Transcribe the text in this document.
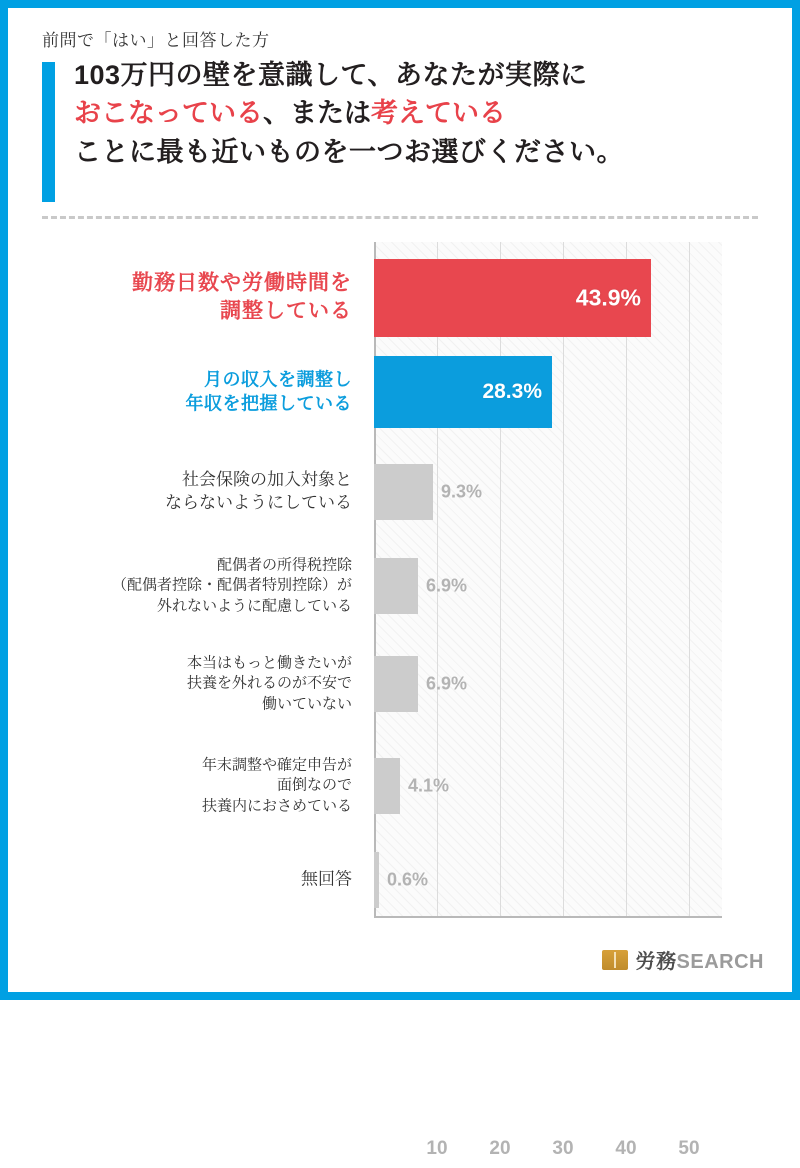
前問で「はい」と回答した方
103万円の壁を意識して、あなたが実際に
おこなっている、または考えている
ことに最も近いものを一つお選びください。
勤務日数や労働時間を
調整している
月の収入を調整し
年収を把握している
社会保険の加入対象と
ならないようにしている
配偶者の所得税控除
（配偶者控除・配偶者特別控除）が
外れないように配慮している
本当はもっと働きたいが
扶養を外れるのが不安で
働いていない
年末調整や確定申告が
面倒なので
扶養内におさめている
無回答
43.9%
28.3%
9.3%
6.9%
6.9%
4.1%
0.6%
10 20 30 40 50
労務SEARCH
